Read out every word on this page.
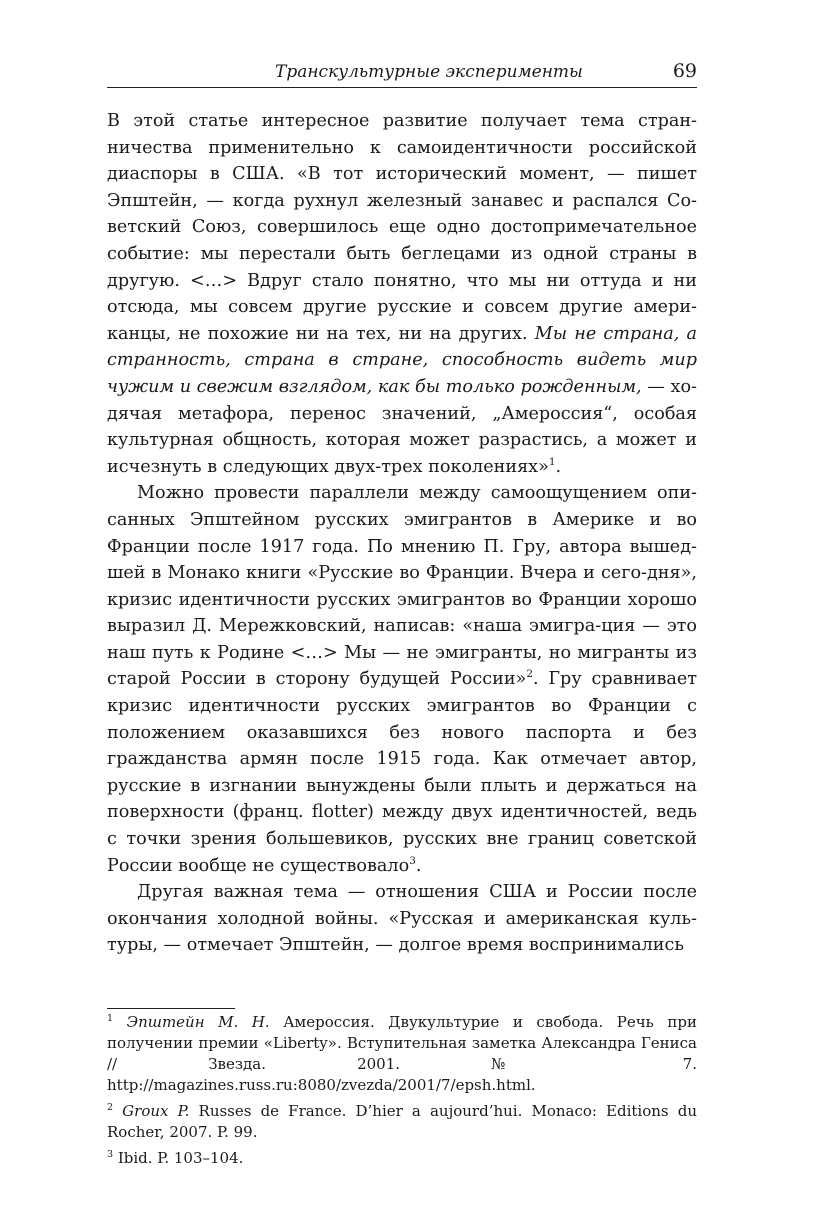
Транскультурные эксперименты	69

В этой статье интересное развитие получает тема стран- ничества применительно к самоидентичности российской диаспоры в США. «В тот исторический момент, — пишет Эпштейн, — когда рухнул железный занавес и распался Со- ветский Союз, совершилось еще одно достопримечательное событие: мы перестали быть беглецами из одной страны в другую. <…> Вдруг стало понятно, что мы ни оттуда и ни отсюда, мы совсем другие русские и совсем другие амери- канцы, не похожие ни на тех, ни на других. Мы не страна, а странность, страна в стране, способность видеть мир чужим и свежим взглядом, как бы только рожденным, — хо- дячая метафора, перенос значений, „Амероссия“, особая культурная общность, которая может разрастись, а может и исчезнуть в следующих двух-трех поколениях»$^1$.

Можно провести параллели между самоощущением опи-санных Эпштейном русских эмигрантов в Америке и во Франции после 1917 года. По мнению П. Гру, автора вышед-шей в Монако книги «Русские во Франции. Вчера и сего-дня», кризис идентичности русских эмигрантов во Франции хорошо выразил Д. Мережковский, написав: «наша эмигра-ция — это наш путь к Родине <…> Мы — не эмигранты, но мигранты из старой России в сторону будущей России»$^2$. Гру сравнивает кризис идентичности русских эмигрантов во Франции с положением оказавшихся без нового паспорта и без гражданства армян после 1915 года. Как отмечает автор, русские в изгнании вынуждены были плыть и держаться на поверхности (франц. flotter) между двух идентичностей, ведь с точки зрения большевиков, русских вне границ советской России вообще не существовало$^3$.

Другая важная тема — отношения США и России после окончания холодной войны. «Русская и американская куль-туры, — отмечает Эпштейн, — долгое время воспринимались

$^1$ Эпштейн М. Н. Амероссия. Двукультурие и свобода. Речь при получении премии «Liberty». Вступительная заметка Александра Гениса // Звезда. 2001. № 7. http://magazines.russ.ru:8080/zvezda/2001/7/epsh.html.

$^2$ Groux P. Russes de France. D’hier a aujourd’hui. Monaco: Editions du Rocher, 2007. P. 99.

$^3$ Ibid. P. 103–104.
